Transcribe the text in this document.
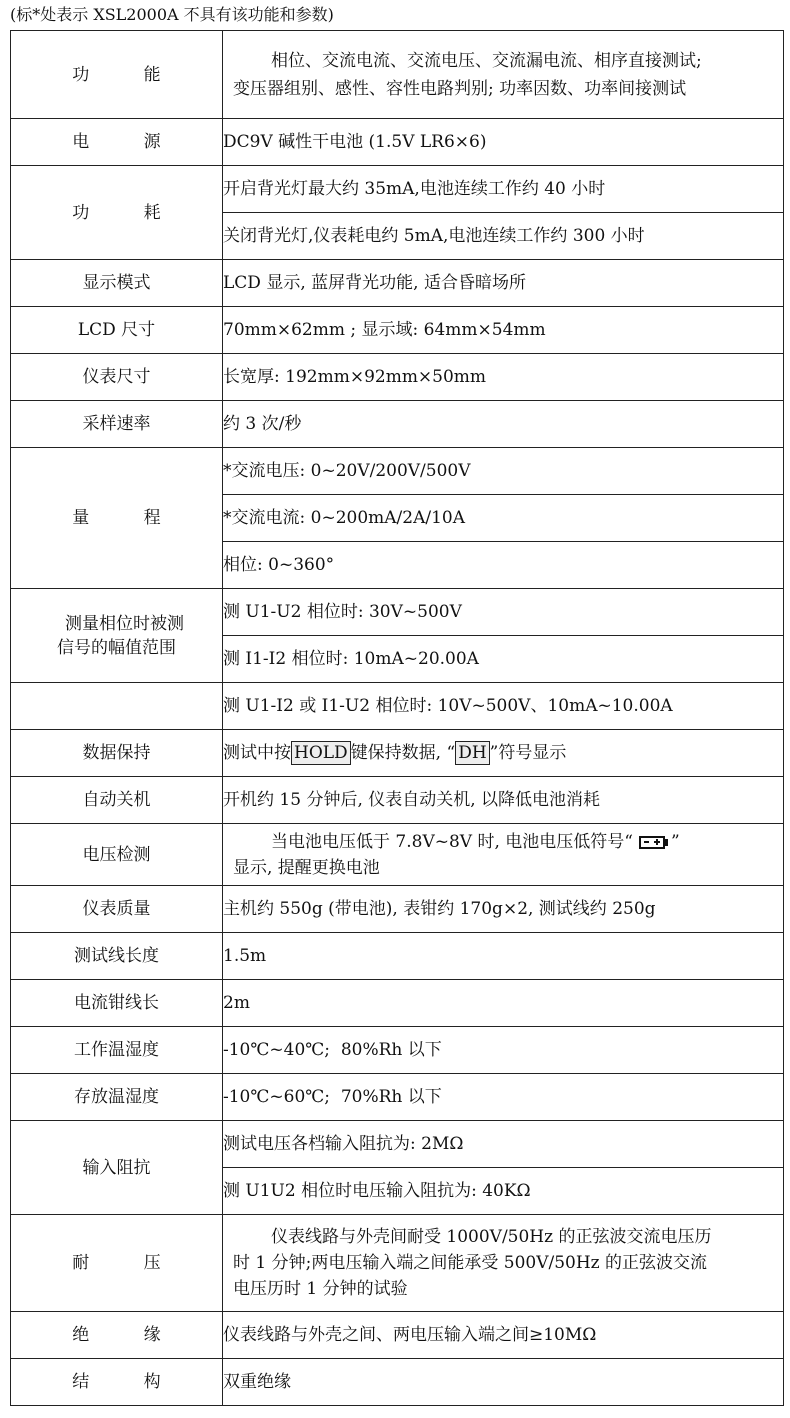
(标*处表示 XSL2000A 不具有该功能和参数)
功能	相位、交流电流、交流电压、交流漏电流、相序直接测试;
变压器组别、感性、容性电路判别; 功率因数、功率间接测试
电源	DC9V 碱性干电池 (1.5V LR6×6)
功耗	开启背光灯最大约 35mA,电池连续工作约 40 小时
	关闭背光灯,仪表耗电约 5mA,电池连续工作约 300 小时
显示模式	LCD 显示, 蓝屏背光功能, 适合昏暗场所
LCD 尺寸	70mm×62mm ; 显示域: 64mm×54mm
仪表尺寸	长宽厚: 192mm×92mm×50mm
采样速率	约 3 次/秒
量程	*交流电压: 0~20V/200V/500V
	*交流电流: 0~200mA/2A/10A
	相位: 0~360°
测量相位时被测
信号的幅值范围	测 U1-U2 相位时: 30V~500V
	测 I1-I2 相位时: 10mA~20.00A
	测 U1-I2 或 I1-U2 相位时: 10V~500V、10mA~10.00A
数据保持	测试中按 HOLD 键保持数据, “ DH ”符号显示
自动关机	开机约 15 分钟后, 仪表自动关机, 以降低电池消耗
电压检测	当电池电压低于 7.8V~8V 时, 电池电压低符号“ ”
显示, 提醒更换电池
仪表质量	主机约 550g (带电池), 表钳约 170g×2, 测试线约 250g
测试线长度	1.5m
电流钳线长	2m
工作温湿度	-10℃~40℃;  80%Rh 以下
存放温湿度	-10℃~60℃;  70%Rh 以下
输入阻抗	测试电压各档输入阻抗为: 2MΩ
	测 U1U2 相位时电压输入阻抗为: 40KΩ
耐压	仪表线路与外壳间耐受 1000V/50Hz 的正弦波交流电压历
时 1 分钟;两电压输入端之间能承受 500V/50Hz 的正弦波交流
电压历时 1 分钟的试验
绝缘	仪表线路与外壳之间、两电压输入端之间≥10MΩ
结构	双重绝缘
